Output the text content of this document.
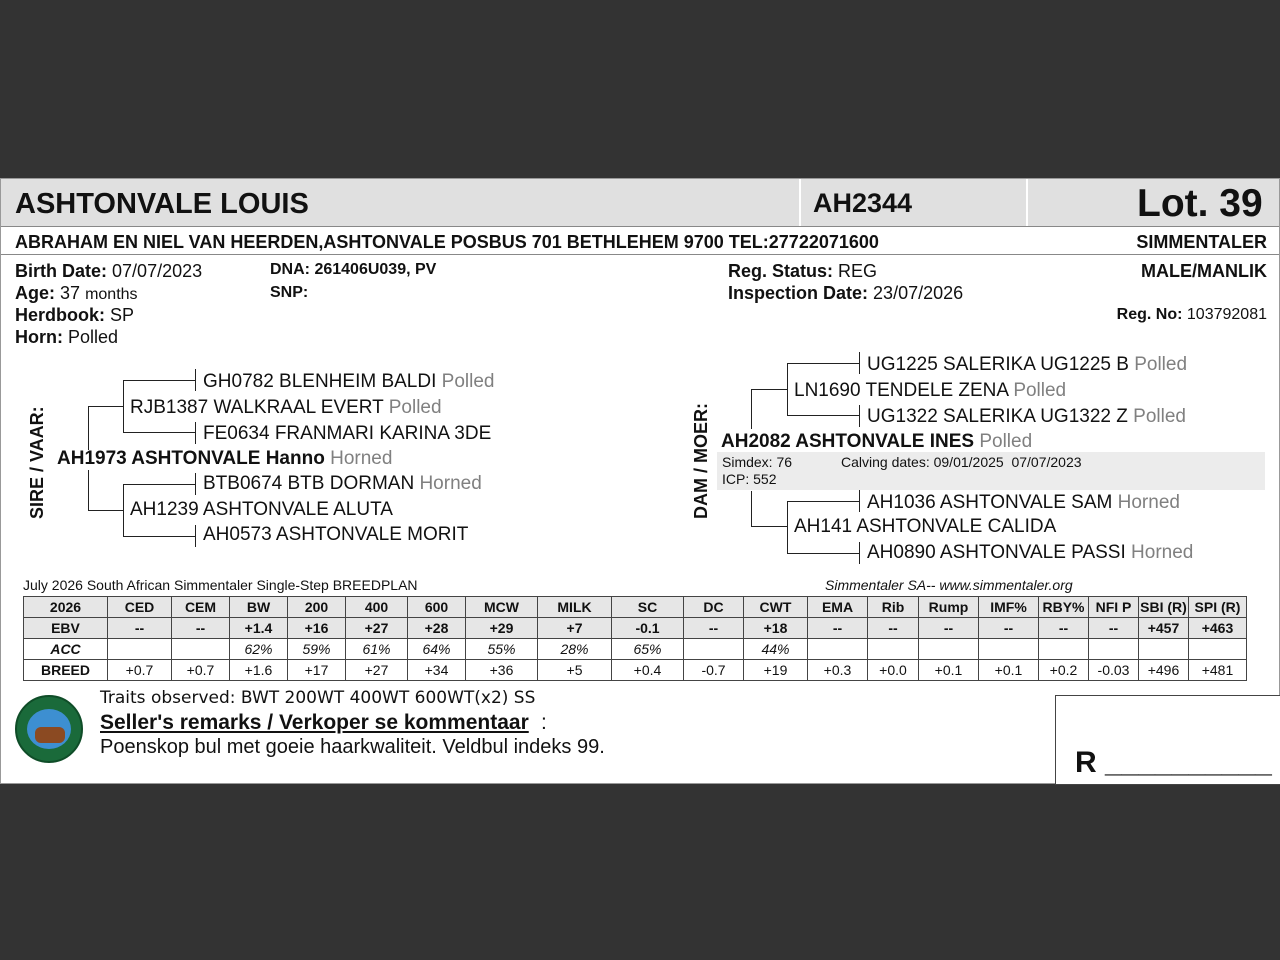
ASHTONVALE LOUIS	AH2344	Lot. 39
ABRAHAM EN NIEL VAN HEERDEN,ASHTONVALE POSBUS 701 BETHLEHEM 9700 TEL:27722071600	SIMMENTALER
Birth Date: 07/07/2023
Age: 37 months
Herdbook: SP
Horn: Polled
DNA: 261406U039, PV
SNP:
Reg. Status: REG
Inspection Date: 23/07/2026
MALE/MANLIK
Reg. No: 103792081
SIRE / VAAR:
GH0782 BLENHEIM BALDI Polled
RJB1387 WALKRAAL EVERT Polled
FE0634 FRANMARI KARINA 3DE
AH1973 ASHTONVALE Hanno Horned
BTB0674 BTB DORMAN Horned
AH1239 ASHTONVALE ALUTA
AH0573 ASHTONVALE MORIT
DAM / MOER:
UG1225 SALERIKA UG1225 B Polled
LN1690 TENDELE ZENA Polled
UG1322 SALERIKA UG1322 Z Polled
AH2082 ASHTONVALE INES Polled
Simdex: 76
ICP: 552
Calving dates: 09/01/2025  07/07/2023
AH1036 ASHTONVALE SAM Horned
AH141 ASHTONVALE CALIDA
AH0890 ASHTONVALE PASSI Horned
July 2026 South African Simmentaler Single-Step BREEDPLAN	Simmentaler SA-- www.simmentaler.org
2026	CED	CEM	BW	200	400	600	MCW	MILK	SC	DC	CWT	EMA	Rib	Rump	IMF%	RBY%	NFI P	SBI (R)	SPI (R)
EBV	--	--	+1.4	+16	+27	+28	+29	+7	-0.1	--	+18	--	--	--	--	--	--	+457	+463
ACC			62%	59%	61%	64%	55%	28%	65%		44%								
BREED	+0.7	+0.7	+1.6	+17	+27	+34	+36	+5	+0.4	-0.7	+19	+0.3	+0.0	+0.1	+0.1	+0.2	-0.03	+496	+481
Traits observed: BWT 200WT 400WT 600WT(x2) SS
Seller's remarks / Verkoper se kommentaar :
Poenskop bul met goeie haarkwaliteit. Veldbul indeks 99.	R __________
